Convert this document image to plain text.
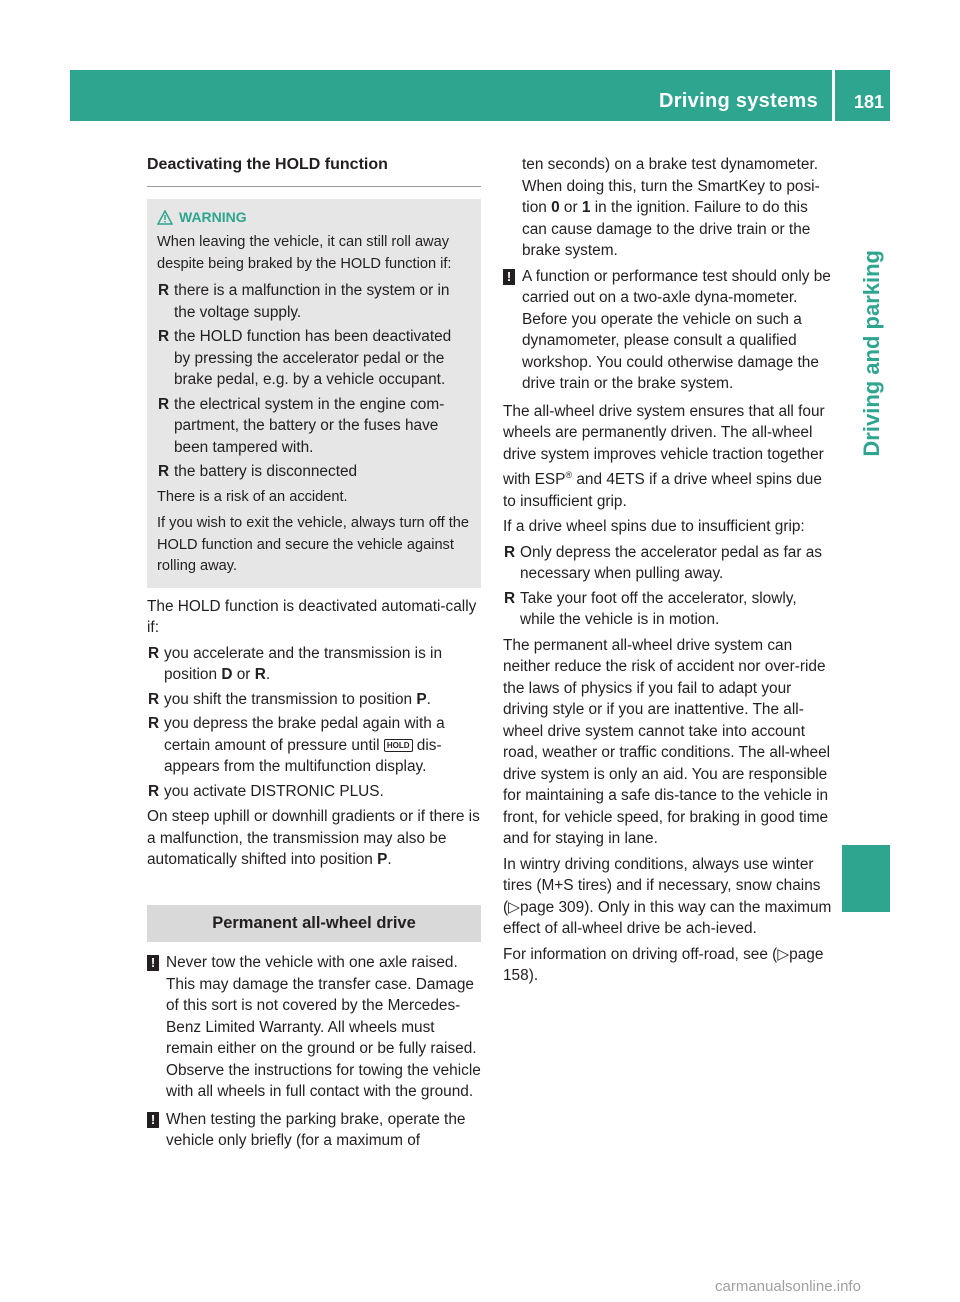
Driving systems 181
Driving and parking
Deactivating the HOLD function
WARNING

When leaving the vehicle, it can still roll away despite being braked by the HOLD function if:

R there is a malfunction in the system or in the voltage supply.
R the HOLD function has been deactivated by pressing the accelerator pedal or the brake pedal, e.g. by a vehicle occupant.
R the electrical system in the engine com-partment, the battery or the fuses have been tampered with.
R the battery is disconnected

There is a risk of an accident.

If you wish to exit the vehicle, always turn off the HOLD function and secure the vehicle against rolling away.

The HOLD function is deactivated automati-cally if:

R you accelerate and the transmission is in position D or R.
R you shift the transmission to position P.
R you depress the brake pedal again with a certain amount of pressure until HOLD dis-appears from the multifunction display.
R you activate DISTRONIC PLUS.

On steep uphill or downhill gradients or if there is a malfunction, the transmission may also be automatically shifted into position P.

Permanent all-wheel drive
! Never tow the vehicle with one axle raised. This may damage the transfer case. Damage of this sort is not covered by the Mercedes-Benz Limited Warranty. All wheels must remain either on the ground or be fully raised. Observe the instructions for towing the vehicle with all wheels in full contact with the ground.
! When testing the parking brake, operate the vehicle only briefly (for a maximum of

ten seconds) on a brake test dynamometer. When doing this, turn the SmartKey to posi-tion 0 or 1 in the ignition. Failure to do this can cause damage to the drive train or the brake system.

! A function or performance test should only be carried out on a two-axle dyna-mometer. Before you operate the vehicle on such a dynamometer, please consult a qualified workshop. You could otherwise damage the drive train or the brake system.

The all-wheel drive system ensures that all four wheels are permanently driven. The all-wheel drive system improves vehicle traction together with ESP® and 4ETS if a drive wheel spins due to insufficient grip.

If a drive wheel spins due to insufficient grip:

R Only depress the accelerator pedal as far as necessary when pulling away.
R Take your foot off the accelerator, slowly, while the vehicle is in motion.

The permanent all-wheel drive system can neither reduce the risk of accident nor over-ride the laws of physics if you fail to adapt your driving style or if you are inattentive. The all-wheel drive system cannot take into account road, weather or traffic conditions. The all-wheel drive system is only an aid. You are responsible for maintaining a safe dis-tance to the vehicle in front, for vehicle speed, for braking in good time and for staying in lane.

In wintry driving conditions, always use winter tires (M+S tires) and if necessary, snow chains (▷page 309). Only in this way can the maximum effect of all-wheel drive be ach-ieved.

For information on driving off-road, see (▷page 158).

carmanualsonline.info
